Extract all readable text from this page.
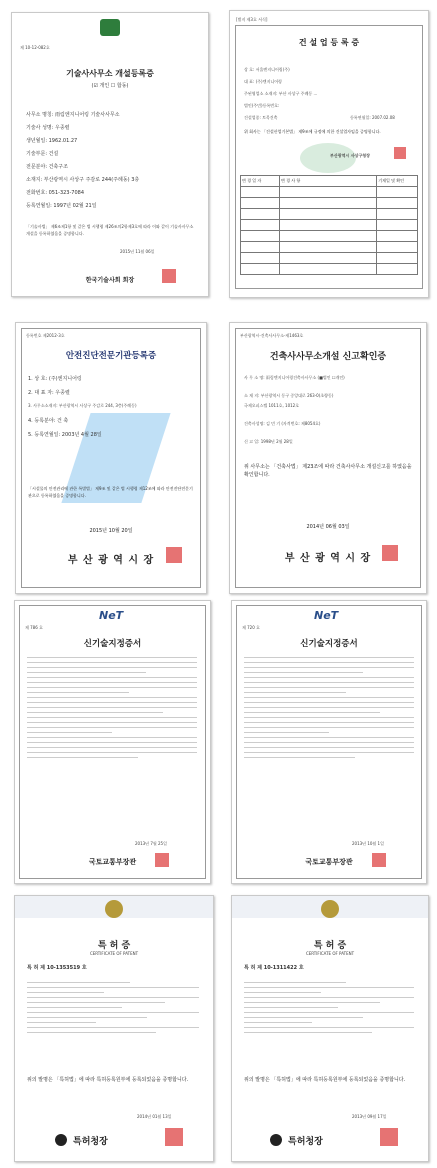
제 10-12-082호
기술사사무소 개설등록증
(☑ 개인 ☐ 합동)
사무소 명칭: 雨림엔지니어링 기술사사무소
기술사 성명: 우종렬
생년월일: 1962.01.27
기술부문: 건설
전문분야: 건축구조
소재지: 부산광역시 사상구 주감로 244(주례동) 3층
전화번호: 051-323-7084
등록연월일: 1997년 02월 21일
「기술사법」 제6조제1항 및 같은 법 시행령 제26조의2항제3호에 따라 이와 같이 기술사사무소 개설을 등록하였음을 증명합니다.
2015년 11월 06일
한국기술사회 회장
[별지 제3호 서식]
건 설 업 등 록 증
상 호: 서울엔지니어링(주)
대 표: (주)엔지니어링
주된영업소 소재지: 부산 사상구 주례동 ...
법인(주민)등록번호:
건설업종: 토목건축	등록연월일: 2007.02.08
위 회사는 「건설산업기본법」 제9조에 규정에 의한 건설업자임을 증명합니다.
부산광역시 사상구청장
변 경 일 자	변 경 사 항	기재일 및 확인

등록번호 제2012-3호
안전진단전문기관등록증
1. 상 호: (주)엔지니어링
2. 대 표 자: 우종렬
3. 사무소소재지: 부산광역시 사상구 주감로 244, 3층(주례동)
4. 등록분야: 건 축
5. 등록연월일: 2003년 4월 28일
「시설물의 안전관리에 관한 특별법」 제9조 및 같은 법 시행령 제12조에 따라 안전진단전문기관으로 등록하였음을 증명합니다.
2015년 10월 20일
부 산 광 역 시 장
부산광역시-건축사사무소-제1463호
건축사사무소개설 신고확인증
사 무 소 명: 雨림엔지니어링건축사사무소 (■법인 ☐개인)
소 재 지: 부산광역시 동구 중앙대로 263-0(초량동)
국제오피스텔 1011호, 1012호
건축사성명: 김 민 기 (자격번호: 제8054호)
신 고 일: 1998년 2월 28일
위 사무소는 「건축사법」 제23조에 따라 건축사사무소 개설신고를 하였음을 확인합니다.
2014년 06월 03일
부 산 광 역 시 장
NeT
제 786 호
신기술지정증서
2013년 7월 25일
국토교통부장관
NeT
제 720 호
신기술지정증서
2013년 10월 1일
국토교통부장관
특 허 증
CERTIFICATE OF PATENT
특 허 제 10-1353519 호
위의 발명은 「특허법」에 따라 특허등록원부에 등록되었음을 증명합니다.
2014년 01월 13일
특허청장
특 허 증
CERTIFICATE OF PATENT
특 허 제 10-1311422 호
위의 발명은 「특허법」에 따라 특허등록원부에 등록되었음을 증명합니다.
2013년 09월 17일
특허청장
